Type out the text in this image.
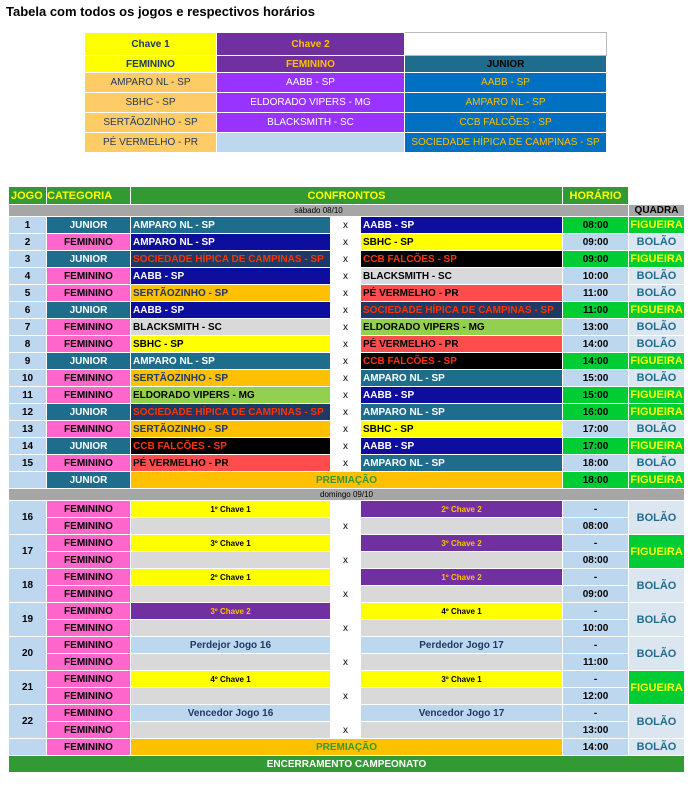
Tabela com todos os jogos e respectivos horários
Chave 1	Chave 2	
FEMININO	FEMININO	JUNIOR
AMPARO NL - SP	AABB - SP	AABB - SP
SBHC - SP	ELDORADO VIPERS - MG	AMPARO NL - SP
SERTÃOZINHO - SP	BLACKSMITH - SC	CCB FALCÕES - SP
PÉ VERMELHO - PR		SOCIEDADE HÍPICA DE CAMPINAS - SP
JOGO	CATEGORIA	CONFRONTOS			HORÁRIO	
sábado 08/10						QUADRA
1	JUNIOR	AMPARO NL - SP	x	AABB - SP	08:00	FIGUEIRA
2	FEMININO	AMPARO NL - SP	x	SBHC - SP	09:00	BOLÃO
3	JUNIOR	SOCIEDADE HÍPICA DE CAMPINAS - SP	x	CCB FALCÕES - SP	09:00	FIGUEIRA
4	FEMININO	AABB - SP	x	BLACKSMITH - SC	10:00	BOLÃO
5	FEMININO	SERTÃOZINHO - SP	x	PÉ VERMELHO - PR	11:00	BOLÃO
6	JUNIOR	AABB - SP	x	SOCIEDADE HÍPICA DE CAMPINAS - SP	11:00	FIGUEIRA
7	FEMININO	BLACKSMITH - SC	x	ELDORADO VIPERS - MG	13:00	BOLÃO
8	FEMININO	SBHC - SP	x	PÉ VERMELHO - PR	14:00	BOLÃO
9	JUNIOR	AMPARO NL - SP	x	CCB FALCÕES - SP	14:00	FIGUEIRA
10	FEMININO	SERTÃOZINHO - SP	x	AMPARO NL - SP	15:00	BOLÃO
11	FEMININO	ELDORADO VIPERS - MG	x	AABB - SP	15:00	FIGUEIRA
12	JUNIOR	SOCIEDADE HÍPICA DE CAMPINAS - SP	x	AMPARO NL - SP	16:00	FIGUEIRA
13	FEMININO	SERTÃOZINHO - SP	x	SBHC - SP	17:00	BOLÃO
14	JUNIOR	CCB FALCÕES - SP	x	AABB - SP	17:00	FIGUEIRA
15	FEMININO	PÉ VERMELHO - PR	x	AMPARO NL - SP	18:00	BOLÃO
	JUNIOR	PREMIAÇÃO			18:00	FIGUEIRA
domingo 09/10						
16	FEMININO	1º Chave 1		2º Chave 2	-	BOLÃO
	FEMININO		x		08:00	
17	FEMININO	3º Chave 1		3º Chave 2	-	FIGUEIRA
	FEMININO		x		08:00	
18	FEMININO	2º Chave 1		1º Chave 2	-	BOLÃO
	FEMININO		x		09:00	
19	FEMININO	3º Chave 2		4º Chave 1	-	BOLÃO
	FEMININO		x		10:00	
20	FEMININO	Perdejor Jogo 16		Perdedor Jogo 17	-	BOLÃO
	FEMININO		x		11:00	
21	FEMININO	4º Chave 1		3º Chave 1	-	FIGUEIRA
	FEMININO		x		12:00	
22	FEMININO	Vencedor Jogo 16		Vencedor Jogo 17	-	BOLÃO
	FEMININO		x		13:00	
	FEMININO	PREMIAÇÃO			14:00	BOLÃO
ENCERRAMENTO CAMPEONATO						
